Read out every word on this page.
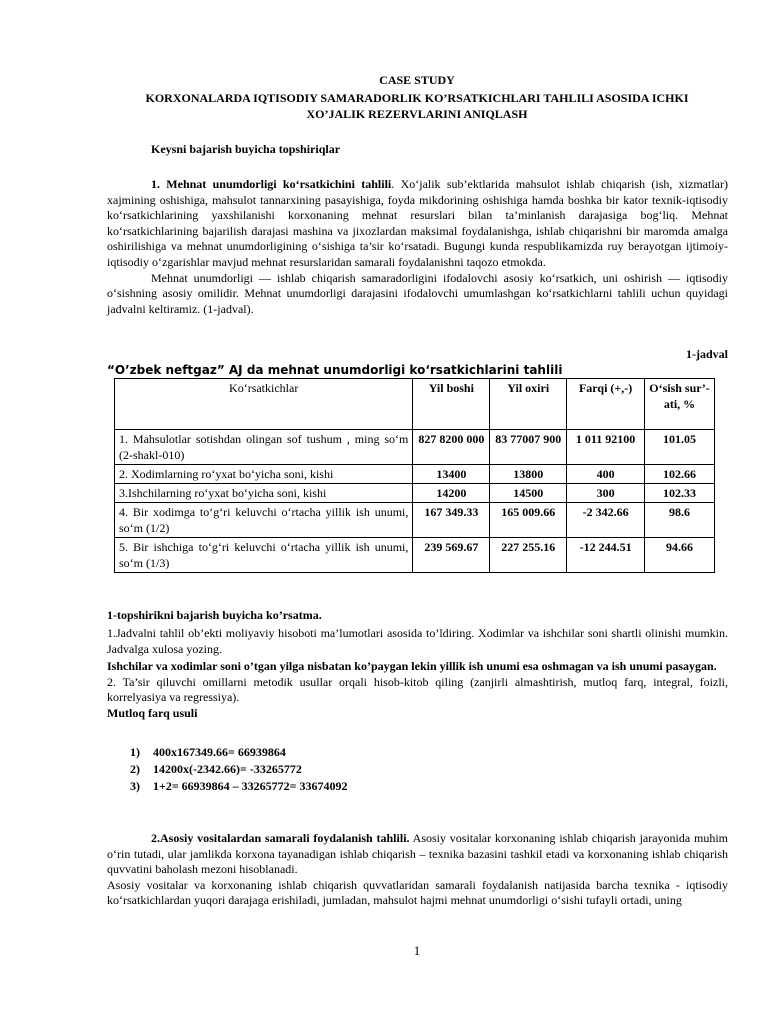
CASE STUDY
KORXONALARDA IQTISODIY SAMARADORLIK KO’RSATKICHLARI TAHLILI ASOSIDA ICHKI
XO’JALIK REZERVLARINI ANIQLASH
Keysni bajarish buyicha topshiriqlar
1. Mehnat unumdorligi ko‘rsatkichini tahlili. Xo‘jalik sub’ektlarida mahsulot ishlab chiqarish (ish, xizmatlar) xajmining oshishiga, mahsulot tannarxining pasayishiga, foyda mikdorining oshishiga hamda boshka bir kator texnik-iqtisodiy ko‘rsatkichlarining yaxshilanishi korxonaning mehnat resurslari bilan ta’minlanish darajasiga bog‘liq. Mehnat ko‘rsatkichlarining bajarilish darajasi mashina va jixozlardan maksimal foydalanishga, ishlab chiqarishni bir maromda amalga oshirilishiga va mehnat unumdorligining o‘sishiga ta’sir ko‘rsatadi. Bugungi kunda respublikamizda ruy berayotgan ijtimoiy-iqtisodiy o‘zgarishlar mavjud mehnat resurslaridan samarali foydalanishni taqozo etmokda.
Mehnat unumdorligi — ishlab chiqarish samaradorligini ifodalovchi asosiy ko‘rsatkich, uni oshirish — iqtisodiy o‘sishning asosiy omilidir. Mehnat unumdorligi darajasini ifodalovchi umumlashgan ko‘rsatkichlarni tahlili uchun quyidagi jadvalni keltiramiz. (1-jadval).
1-jadval
“O’zbek neftgaz” AJ da mehnat unumdorligi ko‘rsatkichlarini tahlili
Ko‘rsatkichlar	Yil boshi	Yil oxiri	Farqi (+,-)	O‘sish sur’-ati, %
1. Mahsulotlar sotishdan olingan sof tushum , ming so‘m (2-shakl-010)	827 8200 000	83 77007 900	1 011 92100	101.05
2. Xodimlarning ro‘yxat bo‘yicha soni, kishi	13400	13800	400	102.66
3.Ishchilarning ro‘yxat bo‘yicha soni, kishi	14200	14500	300	102.33
4. Bir xodimga to‘g‘ri keluvchi o‘rtacha yillik ish unumi, so‘m (1/2)	167 349.33	165 009.66	-2 342.66	98.6
5. Bir ishchiga to‘g‘ri keluvchi o‘rtacha yillik ish unumi, so‘m (1/3)	239 569.67	227 255.16	-12 244.51	94.66
1-topshirikni bajarish buyicha ko’rsatma.
1.Jadvalni tahlil ob’ekti moliyaviy hisoboti ma’lumotlari asosida to’ldiring. Xodimlar va ishchilar soni shartli olinishi mumkin. Jadvalga xulosa yozing.
Ishchilar va xodimlar soni o’tgan yilga nisbatan ko’paygan lekin yillik ish unumi esa oshmagan va ish unumi pasaygan.
2. Ta’sir qiluvchi omillarni metodik usullar orqali hisob-kitob qiling (zanjirli almashtirish, mutloq farq, integral, foizli, korrelyasiya va regressiya).
Mutloq farq usuli
1) 400x167349.66= 66939864
2) 14200x(-2342.66)= -33265772
3) 1+2= 66939864 – 33265772= 33674092
2.Asosiy vositalardan samarali foydalanish tahlili. Asosiy vositalar korxonaning ishlab chiqarish jarayonida muhim o‘rin tutadi, ular jamlikda korxona tayanadigan ishlab chiqarish – texnika bazasini tashkil etadi va korxonaning ishlab chiqarish quvvatini baholash mezoni hisoblanadi.
Asosiy vositalar va korxonaning ishlab chiqarish quvvatlaridan samarali foydalanish natijasida barcha texnika - iqtisodiy ko‘rsatkichlardan yuqori darajaga erishiladi, jumladan, mahsulot hajmi mehnat unumdorligi o‘sishi tufayli ortadi, uning
1
